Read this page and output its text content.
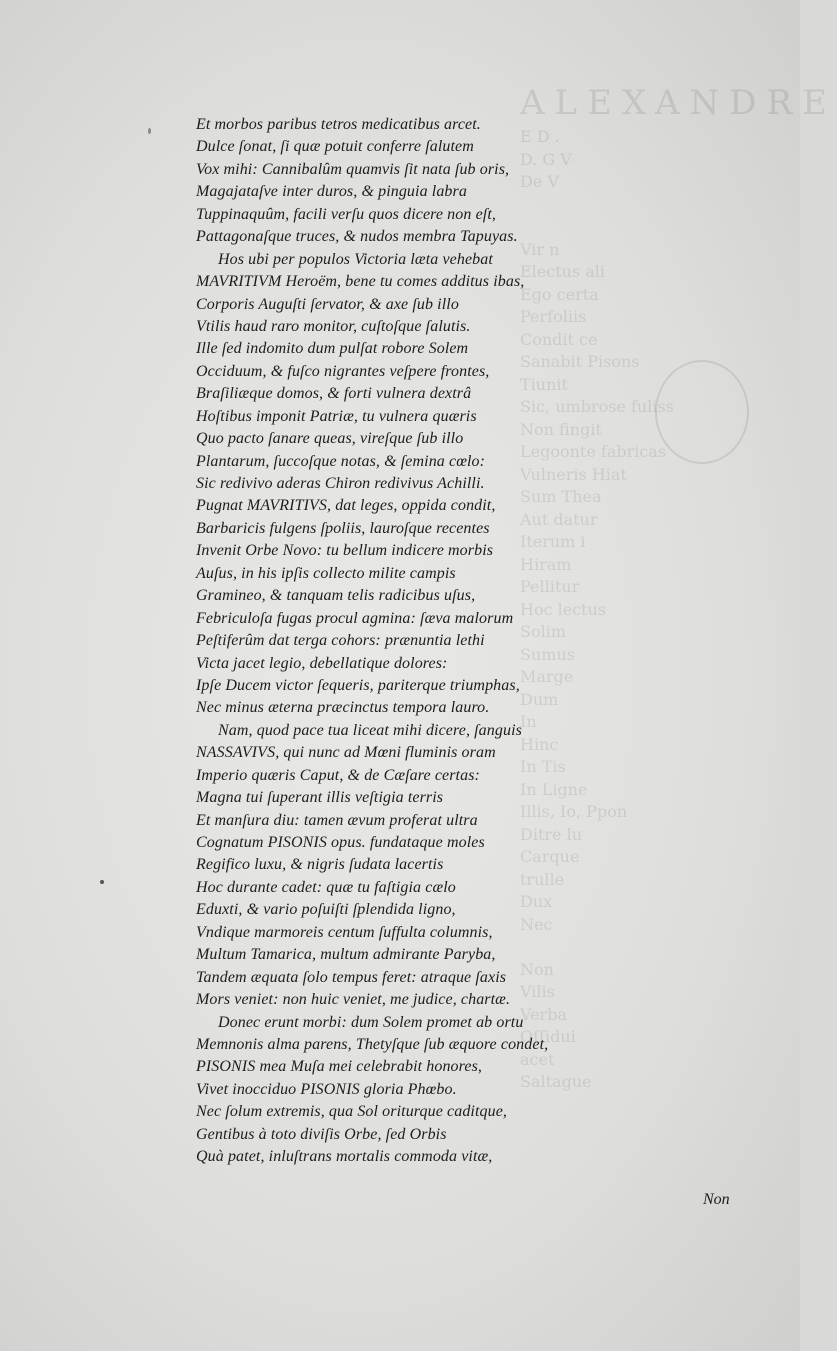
ALEXANDRE
E D .
D. G V
De V
Vir n
Electus ali
Ego certa
Perfoliis
Condit ce
Sanabit Pisons
Tiunit
Sic, umbrose fuliss
Non fingit
Legoonte fabricas
Vulneris Hiat
Sum Thea
Aut datur
Iterum i
Hiram
Pellitur
Hoc lectus
Solim
Sumus
Marge
Dum
In
Hinc
In Tis
In Ligne
Illis, Io, Ppon
Ditre lu
Carque
trulle
Dux
Nec
Non
Vilis
Verba
Oſſidui
acet
Saltague
Et morbos paribus tetros medicatibus arcet.
Dulce ſonat, ſi quæ potuit conferre ſalutem
Vox mihi: Cannibalûm quamvis ſit nata ſub oris,
Magajataſve inter duros, & pinguia labra
Tuppinaquûm, facili verſu quos dicere non eſt,
Pattagonaſque truces, & nudos membra Tapuyas.
Hos ubi per populos Victoria læta vehebat
MAVRITIVM Heroëm, bene tu comes additus ibas,
Corporis Auguſti ſervator, & axe ſub illo
Vtilis haud raro monitor, cuſtoſque ſalutis.
Ille ſed indomito dum pulſat robore Solem
Occiduum, & fuſco nigrantes veſpere frontes,
Braſiliæque domos, & forti vulnera dextrâ
Hoſtibus imponit Patriæ, tu vulnera quæris
Quo pacto ſanare queas, vireſque ſub illo
Plantarum, ſuccoſque notas, & ſemina cœlo:
Sic redivivo aderas Chiron redivivus Achilli.
Pugnat MAVRITIVS, dat leges, oppida condit,
Barbaricis fulgens ſpoliis, lauroſque recentes
Invenit Orbe Novo: tu bellum indicere morbis
Auſus, in his ipſis collecto milite campis
Gramineo, & tanquam telis radicibus uſus,
Febriculoſa fugas procul agmina: ſæva malorum
Peſtiferûm dat terga cohors: prænuntia lethi
Victa jacet legio, debellatique dolores:
Ipſe Ducem victor ſequeris, pariterque triumphas,
Nec minus æterna præcinctus tempora lauro.
Nam, quod pace tua liceat mihi dicere, ſanguis
NASSAVIVS, qui nunc ad Mœni fluminis oram
Imperio quæris Caput, & de Cæſare certas:
Magna tui ſuperant illis veſtigia terris
Et manſura diu: tamen ævum proferat ultra
Cognatum PISONIS opus. fundataque moles
Regifico luxu, & nigris ſudata lacertis
Hoc durante cadet: quæ tu faſtigia cælo
Eduxti, & vario poſuiſti ſplendida ligno,
Vndique marmoreis centum ſuffulta columnis,
Multum Tamarica, multum admirante Paryba,
Tandem æquata ſolo tempus feret: atraque ſaxis
Mors veniet: non huic veniet, me judice, chartæ.
Donec erunt morbi: dum Solem promet ab ortu
Memnonis alma parens, Thetyſque ſub æquore condet,
PISONIS mea Muſa mei celebrabit honores,
Vivet inocciduo PISONIS gloria Phœbo.
Nec ſolum extremis, qua Sol oriturque caditque,
Gentibus à toto diviſis Orbe, ſed Orbis
Quà patet, inluſtrans mortalis commoda vitæ,
Non
